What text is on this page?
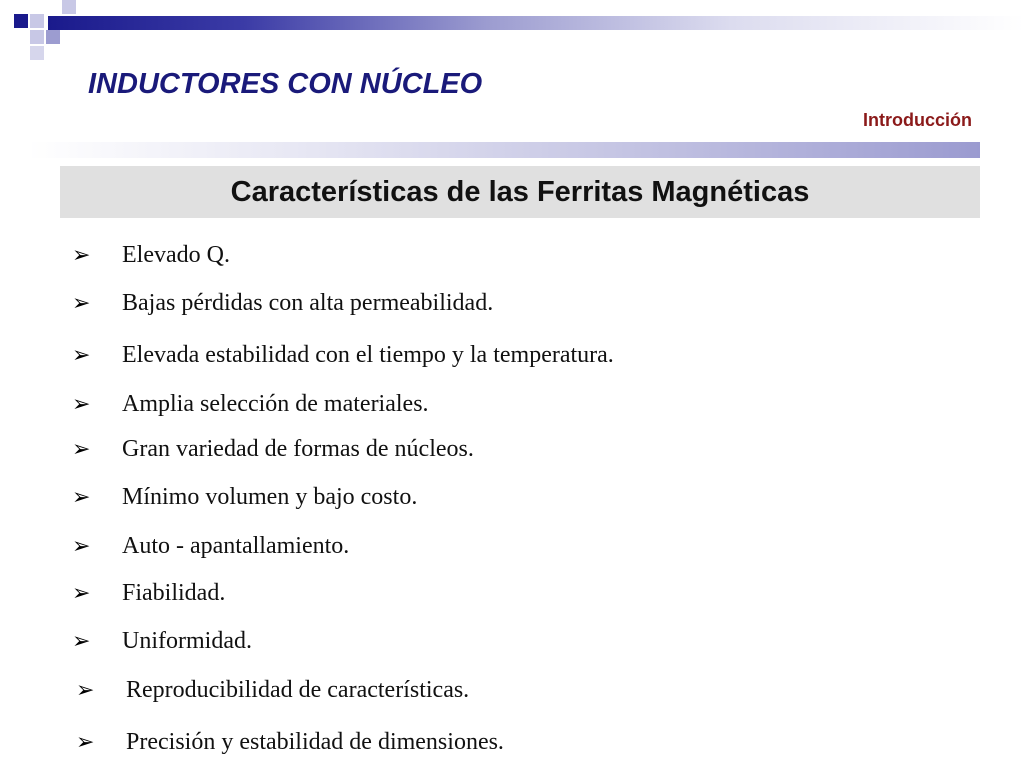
INDUCTORES CON NÚCLEO
Introducción
Características de las Ferritas Magnéticas
➢	Elevado Q.
➢	Bajas pérdidas con alta permeabilidad.
➢	Elevada estabilidad con el tiempo y la temperatura.
➢	Amplia selección de materiales.
➢	Gran variedad de formas de núcleos.
➢	Mínimo volumen y bajo costo.
➢	Auto - apantallamiento.
➢	Fiabilidad.
➢	Uniformidad.
➢	Reproducibilidad de características.
➢	Precisión y estabilidad de dimensiones.
